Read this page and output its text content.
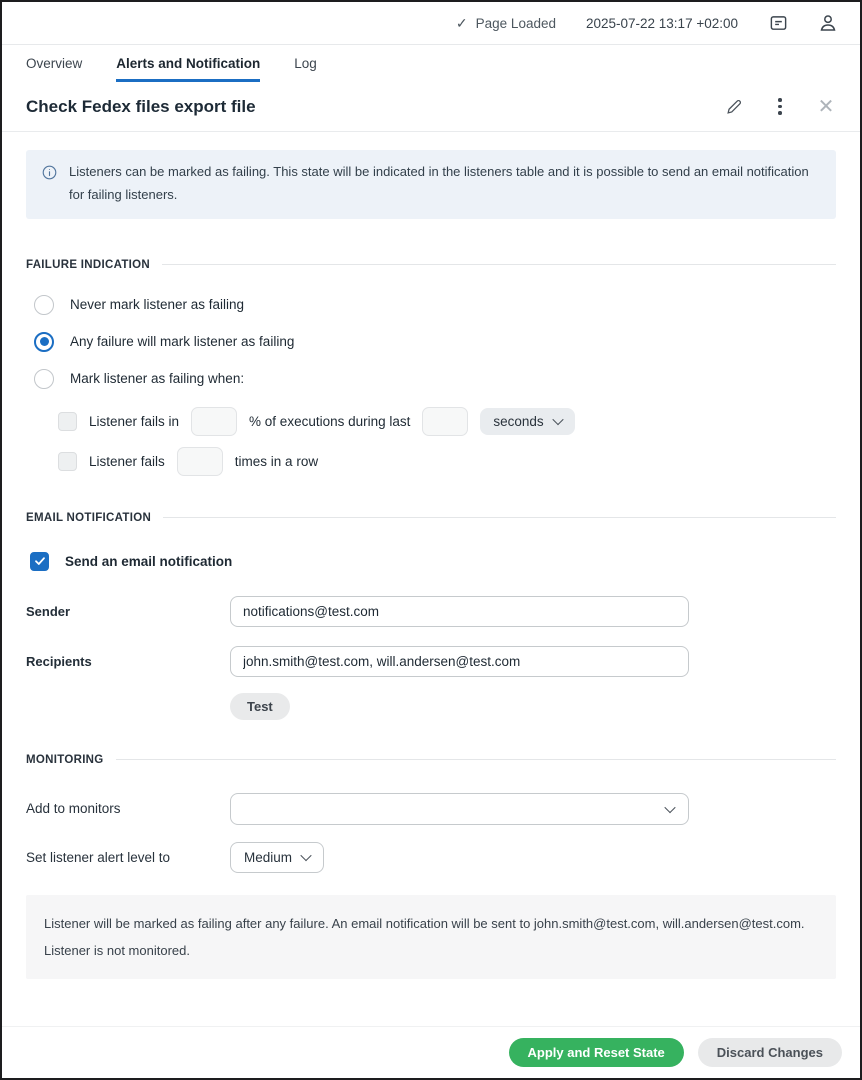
✓ Page Loaded 2025-07-22 13:17 +02:00
Overview	Alerts and Notification	Log
Check Fedex files export file	✕
Listeners can be marked as failing. This state will be indicated in the listeners table and it is possible to send an email notification for failing listeners.
FAILURE INDICATION
Never mark listener as failing
Any failure will mark listener as failing
Mark listener as failing when:
Listener fails in	% of executions during last	seconds
Listener fails	times in a row
EMAIL NOTIFICATION
Send an email notification
Sender
notifications@test.com
Recipients
john.smith@test.com, will.andersen@test.com
Test
MONITORING
Add to monitors
Set listener alert level to	Medium
Listener will be marked as failing after any failure. An email notification will be sent to john.smith@test.com, will.andersen@test.com.
Listener is not monitored.
Apply and Reset State	Discard Changes
